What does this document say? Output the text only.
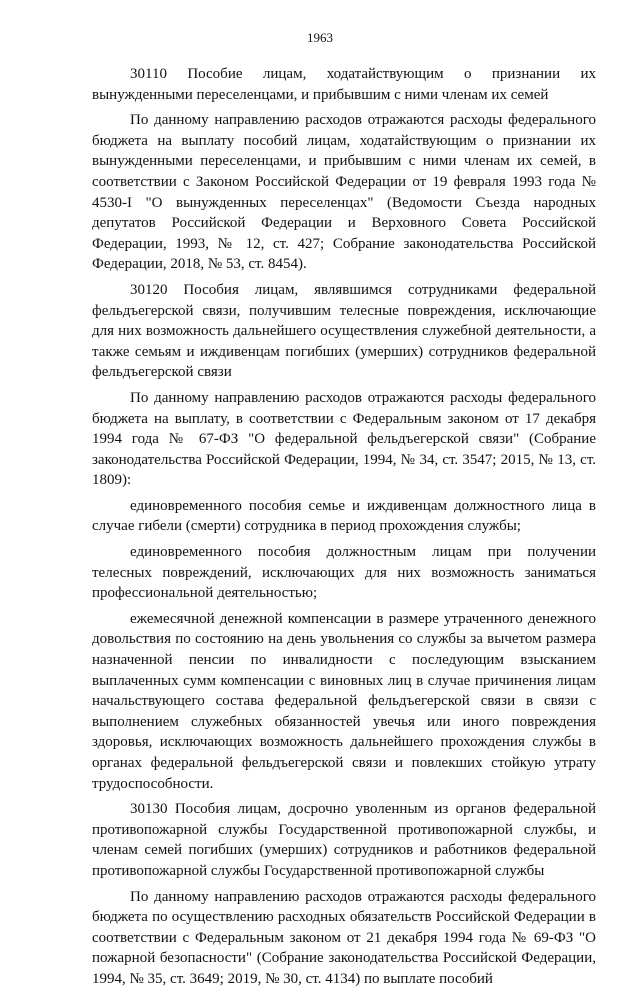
1963

30110 Пособие лицам, ходатайствующим о признании их вынужденными переселенцами, и прибывшим с ними членам их семей

По данному направлению расходов отражаются расходы федерального бюджета на выплату пособий лицам, ходатайствующим о признании их вынужденными переселенцами, и прибывшим с ними членам их семей, в соответствии с Законом Российской Федерации от 19 февраля 1993 года № 4530-I "О вынужденных переселенцах" (Ведомости Съезда народных депутатов Российской Федерации и Верховного Совета Российской Федерации, 1993, № 12, ст. 427; Собрание законодательства Российской Федерации, 2018, № 53, ст. 8454).

30120 Пособия лицам, являвшимся сотрудниками федеральной фельдъегерской связи, получившим телесные повреждения, исключающие для них возможность дальнейшего осуществления служебной деятельности, а также семьям и иждивенцам погибших (умерших) сотрудников федеральной фельдъегерской связи

По данному направлению расходов отражаются расходы федерального бюджета на выплату, в соответствии с Федеральным законом от 17 декабря 1994 года № 67-ФЗ "О федеральной фельдъегерской связи" (Собрание законодательства Российской Федерации, 1994, № 34, ст. 3547; 2015, № 13, ст. 1809):

единовременного пособия семье и иждивенцам должностного лица в случае гибели (смерти) сотрудника в период прохождения службы;

единовременного пособия должностным лицам при получении телесных повреждений, исключающих для них возможность заниматься профессиональной деятельностью;

ежемесячной денежной компенсации в размере утраченного денежного довольствия по состоянию на день увольнения со службы за вычетом размера назначенной пенсии по инвалидности с последующим взысканием выплаченных сумм компенсации с виновных лиц в случае причинения лицам начальствующего состава федеральной фельдъегерской связи в связи с выполнением служебных обязанностей увечья или иного повреждения здоровья, исключающих возможность дальнейшего прохождения службы в органах федеральной фельдъегерской связи и повлекших стойкую утрату трудоспособности.

30130 Пособия лицам, досрочно уволенным из органов федеральной противопожарной службы Государственной противопожарной службы, и членам семей погибших (умерших) сотрудников и работников федеральной противопожарной службы Государственной противопожарной службы

По данному направлению расходов отражаются расходы федерального бюджета по осуществлению расходных обязательств Российской Федерации в соответствии с Федеральным законом от 21 декабря 1994 года № 69-ФЗ "О пожарной безопасности" (Собрание законодательства Российской Федерации, 1994, № 35, ст. 3649; 2019, № 30, ст. 4134) по выплате пособий
